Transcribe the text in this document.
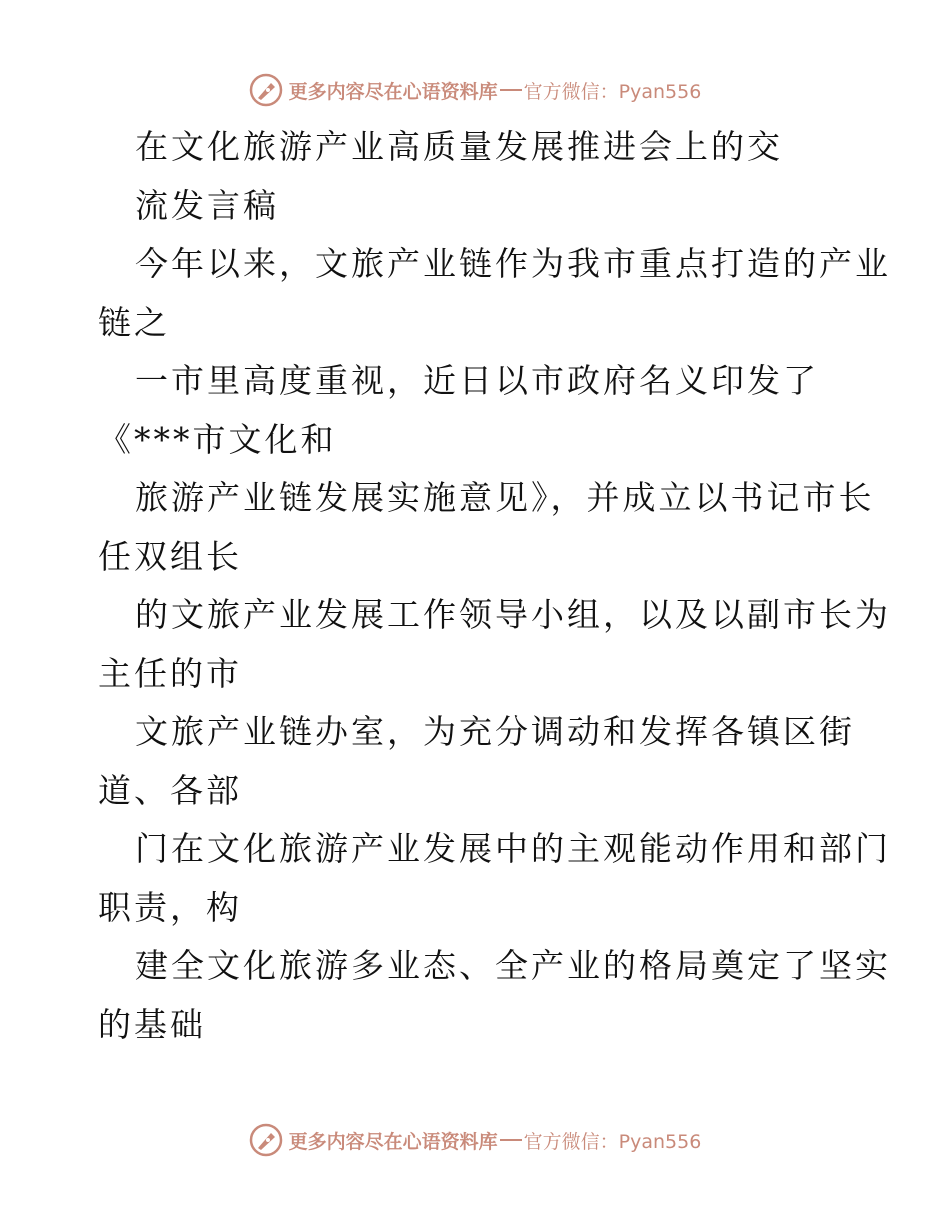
更多内容尽在心语资料库 官方微信：Pyan556
在文化旅游产业高质量发展推进会上的交
流发言稿
今年以来，文旅产业链作为我市重点打造的产业
链之
一市里高度重视，近日以市政府名义印发了
《***市文化和
旅游产业链发展实施意见》，并成立以书记市长
任双组长
的文旅产业发展工作领导小组，以及以副市长为
主任的市
文旅产业链办室，为充分调动和发挥各镇区街
道、各部
门在文化旅游产业发展中的主观能动作用和部门
职责，构
建全文化旅游多业态、全产业的格局奠定了坚实
的基础
更多内容尽在心语资料库 官方微信：Pyan556
